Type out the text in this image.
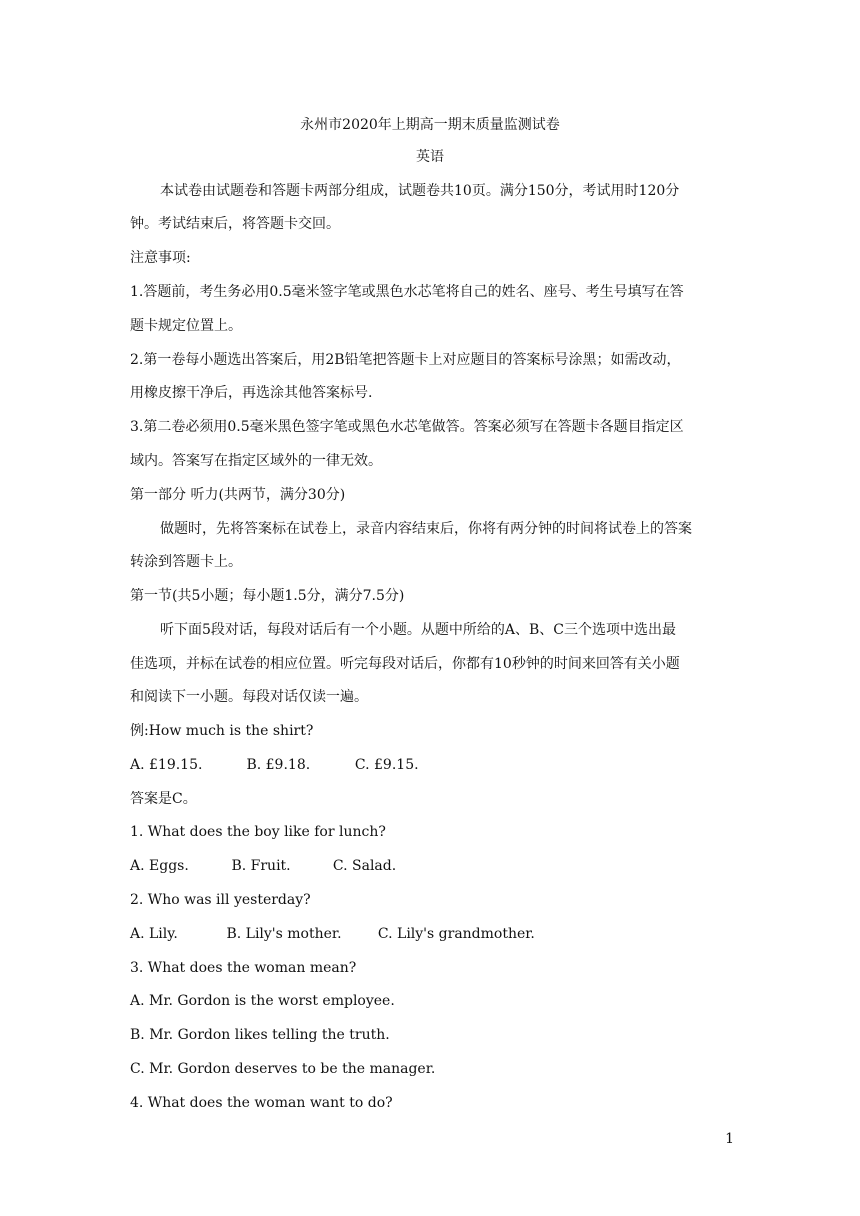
永州市2020年上期高一期末质量监测试卷
英语
本试卷由试题卷和答题卡两部分组成，试题卷共10页。满分150分，考试用时120分
钟。考试结束后，将答题卡交回。
注意事项:
1.答题前，考生务必用0.5毫米签字笔或黑色水芯笔将自己的姓名、座号、考生号填写在答
题卡规定位置上。
2.第一卷每小题选出答案后，用2B铅笔把答题卡上对应题目的答案标号涂黑；如需改动，
用橡皮擦干净后，再选涂其他答案标号.
3.第二卷必须用0.5毫米黑色签字笔或黑色水芯笔做答。答案必须写在答题卡各题目指定区
域内。答案写在指定区域外的一律无效。
第一部分 听力(共两节，满分30分)
做题时，先将答案标在试卷上，录音内容结束后，你将有两分钟的时间将试卷上的答案
转涂到答题卡上。
第一节(共5小题；每小题1.5分，满分7.5分)
听下面5段对话，每段对话后有一个小题。从题中所给的A、B、C三个选项中选出最
佳选项，并标在试卷的相应位置。听完每段对话后，你都有10秒钟的时间来回答有关小题
和阅读下一小题。每段对话仅读一遍。
例:How much is the shirt?
A. £19.15.	B. £9.18.	C. £9.15.
答案是C。
1. What does the boy like for lunch?
A. Eggs.	B. Fruit.	C. Salad.
2. Who was ill yesterday?
A. Lily.	B. Lily's mother.	C. Lily's grandmother.
3. What does the woman mean?
A. Mr. Gordon is the worst employee.
B. Mr. Gordon likes telling the truth.
C. Mr. Gordon deserves to be the manager.
4. What does the woman want to do?
1
